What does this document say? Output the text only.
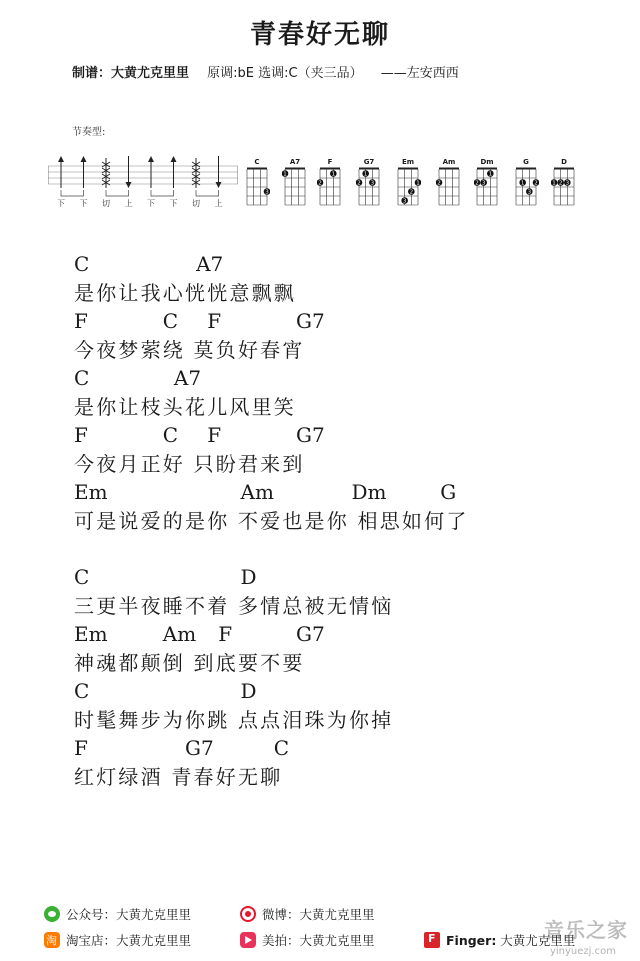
青春好无聊
制谱：大黄尤克里里 原调:bE 选调:C（夹三品） ——左安西西
节奏型:
下 下 切 上 下 下 切 上
C
3
A7
1
F
2
1
G7
2
1
3
Em
3
2
1
Am
2
Dm
2 3
1
G
1
3
2
D
1 2 3
C	A7
是你让我心恍恍意飘飘
F	C F	G7
今夜梦萦绕 莫负好春宵
C	A7
是你让枝头花儿风里笑
F	C F	G7
今夜月正好 只盼君来到
Em	Am	Dm	G
可是说爱的是你 不爱也是你 相思如何了
C	D
三更半夜睡不着 多情总被无情恼
Em	Am F	G7
神魂都颠倒 到底要不要
C	D
时髦舞步为你跳 点点泪珠为你掉
F	G7	C
红灯绿酒 青春好无聊
公众号：大黄尤克里里	微博：大黄尤克里里
淘淘宝店：大黄尤克里里	美拍：大黄尤克里里
F	Finger: 大黄尤克里里
音乐之家
yinyuezj.com
